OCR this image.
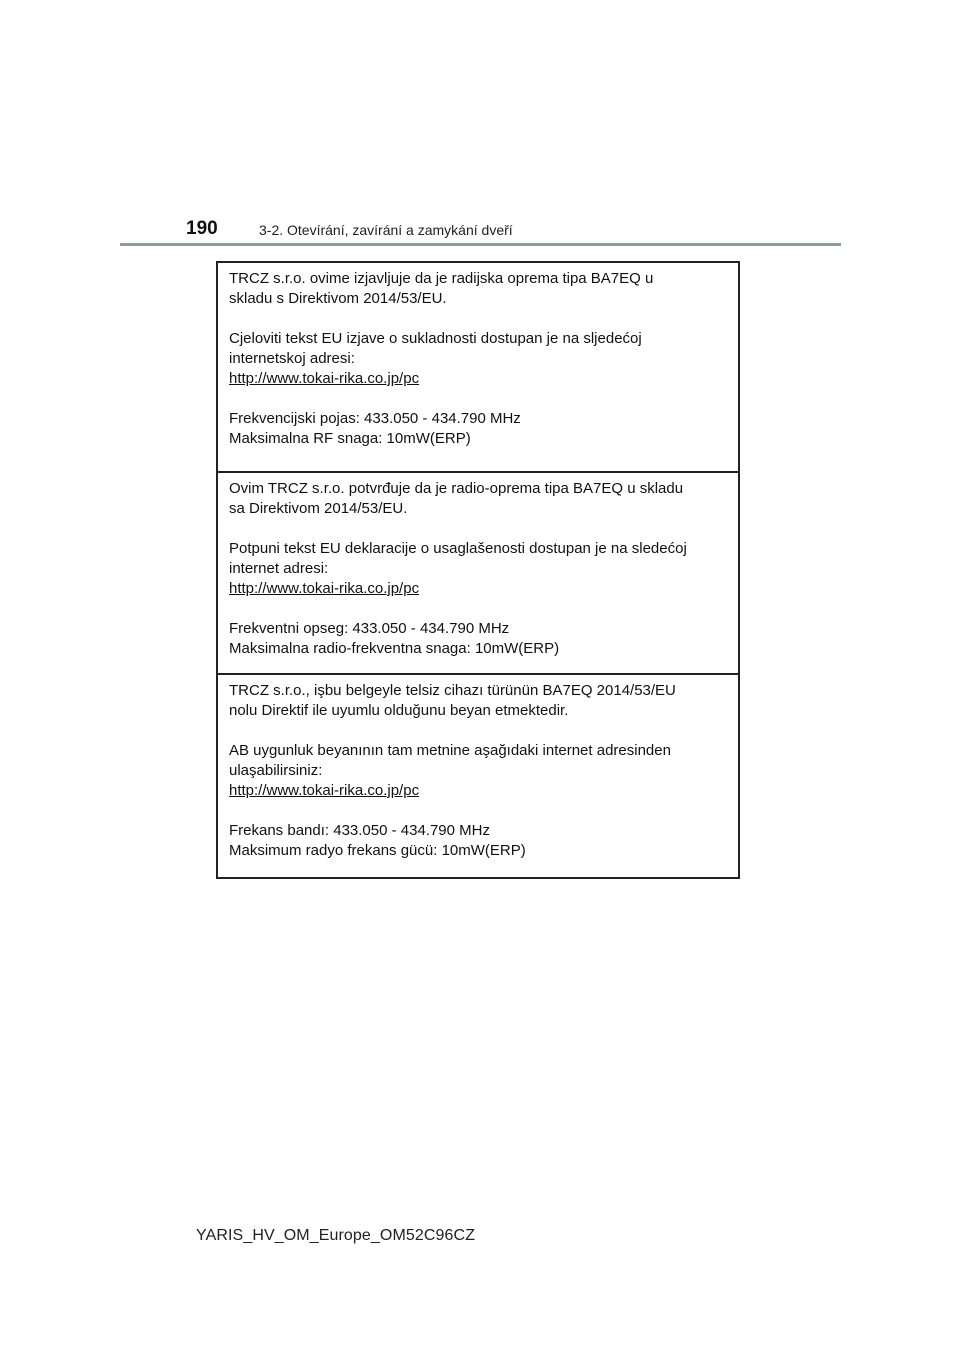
190	3-2. Otevírání, zavírání a zamykání dveří
TRCZ s.r.o. ovime izjavljuje da je radijska oprema tipa BA7EQ u
skladu s Direktivom 2014/53/EU.
Cjeloviti tekst EU izjave o sukladnosti dostupan je na sljedećoj
internetskoj adresi:
http://www.tokai-rika.co.jp/pc
Frekvencijski pojas: 433.050 - 434.790 MHz
Maksimalna RF snaga: 10mW(ERP)
Ovim TRCZ s.r.o. potvrđuje da je radio-oprema tipa BA7EQ u skladu
sa Direktivom 2014/53/EU.
Potpuni tekst EU deklaracije o usaglašenosti dostupan je na sledećoj
internet adresi:
http://www.tokai-rika.co.jp/pc
Frekventni opseg: 433.050 - 434.790 MHz
Maksimalna radio-frekventna snaga: 10mW(ERP)
TRCZ s.r.o., işbu belgeyle telsiz cihazı türünün BA7EQ 2014/53/EU
nolu Direktif ile uyumlu olduğunu beyan etmektedir.
AB uygunluk beyanının tam metnine aşağıdaki internet adresinden
ulaşabilirsiniz:
http://www.tokai-rika.co.jp/pc
Frekans bandı: 433.050 - 434.790 MHz
Maksimum radyo frekans gücü: 10mW(ERP)
YARIS_HV_OM_Europe_OM52C96CZ
